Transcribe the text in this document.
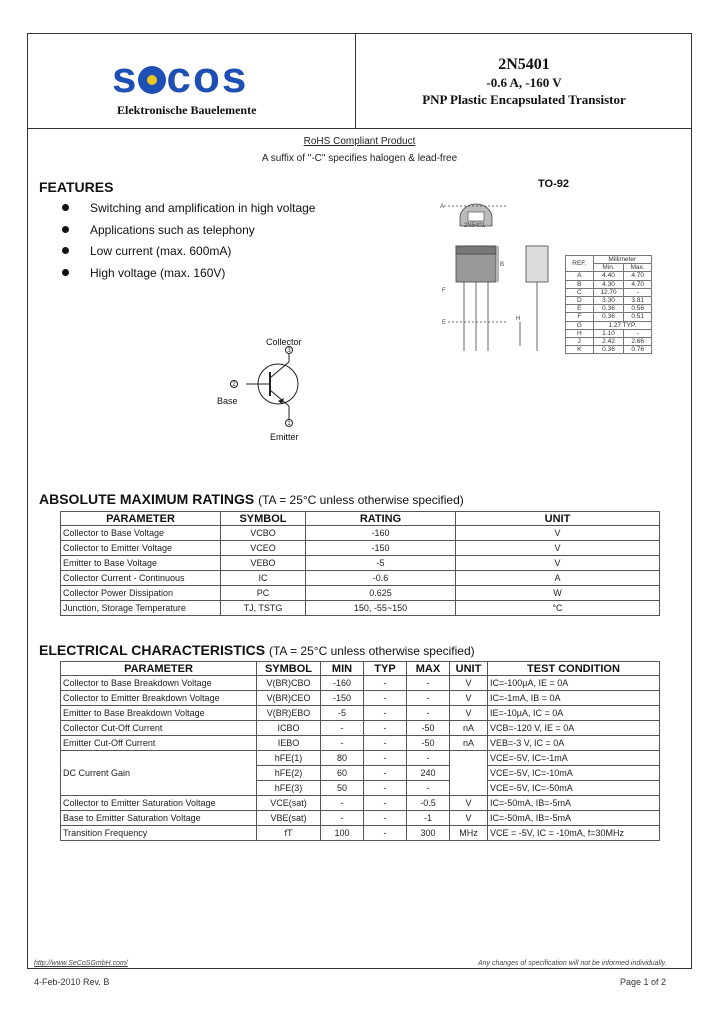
s cos
Elektronische Bauelemente
2N5401
-0.6 A, -160 V
PNP Plastic Encapsulated Transistor
RoHS Compliant Product
A suffix of "-C" specifies halogen & lead-free
FEATURES
Switching and amplification in high voltage
Applications such as telephony
Low current (max. 600mA)
High voltage (max. 160V)
TO-92
A
B
F
E
H
2N5401
REF.	Millimeter	
	Min.	Max.
A	4.40	4.70
B	4.30	4.70
C	12.70	-
D	3.30	3.81
E	0.36	0.56
F	0.36	0.51
G	1.27 TYP.	
H	1.10	-
J	2.42	2.66
K	0.36	0.76
3
2
1
Collector
Base
Emitter
ABSOLUTE MAXIMUM RATINGS (TA = 25°C unless otherwise specified)
PARAMETER	SYMBOL	RATING	UNIT
Collector to Base Voltage	VCBO	-160	V
Collector to Emitter Voltage	VCEO	-150	V
Emitter to Base Voltage	VEBO	-5	V
Collector Current - Continuous	IC	-0.6	A
Collector Power Dissipation	PC	0.625	W
Junction, Storage Temperature	TJ, TSTG	150, -55~150	°C
ELECTRICAL CHARACTERISTICS (TA = 25°C unless otherwise specified)
PARAMETER	SYMBOL	MIN	TYP	MAX	UNIT	TEST CONDITION
Collector to Base Breakdown Voltage	V(BR)CBO	-160	-	-	V	IC=-100µA, IE = 0A
Collector to Emitter Breakdown Voltage	V(BR)CEO	-150	-	-	V	IC=-1mA, IB = 0A
Emitter to Base Breakdown Voltage	V(BR)EBO	-5	-	-	V	IE=-10µA, IC = 0A
Collector Cut-Off Current	ICBO	-	-	-50	nA	VCB=-120 V, IE = 0A
Emitter Cut-Off Current	IEBO	-	-	-50	nA	VEB=-3 V, IC = 0A
DC Current Gain	hFE(1)	80	-	-		VCE=-5V, IC=-1mA
	hFE(2)	60	-	240		VCE=-5V, IC=-10mA
	hFE(3)	50	-	-		VCE=-5V, IC=-50mA
Collector to Emitter Saturation Voltage	VCE(sat)	-	-	-0.5	V	IC=-50mA, IB=-5mA
Base to Emitter Saturation Voltage	VBE(sat)	-	-	-1	V	IC=-50mA, IB=-5mA
Transition Frequency	fT	100	-	300	MHz	VCE = -5V, IC = -10mA, f=30MHz
http://www.SeCoSGmbH.com/	Any changes of specification will not be informed individually.
4-Feb-2010 Rev. B	Page 1 of 2
